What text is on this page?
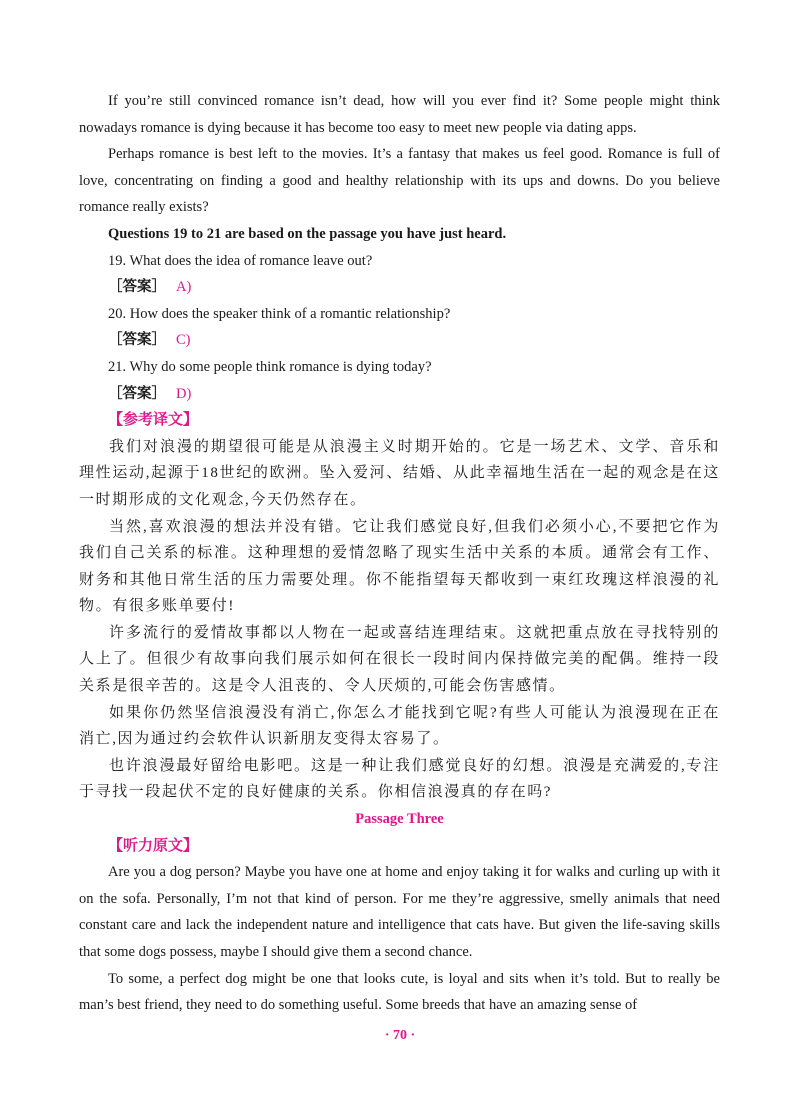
If you’re still convinced romance isn’t dead, how will you ever find it? Some people might think nowadays romance is dying because it has become too easy to meet new people via dating apps.

Perhaps romance is best left to the movies. It’s a fantasy that makes us feel good. Romance is full of love, concentrating on finding a good and healthy relationship with its ups and downs. Do you believe romance really exists?

Questions 19 to 21 are based on the passage you have just heard.

19. What does the idea of romance leave out?

［答案］ A)

20. How does the speaker think of a romantic relationship?

［答案］ C)

21. Why do some people think romance is dying today?

［答案］ D)

【参考译文】

我们对浪漫的期望很可能是从浪漫主义时期开始的。它是一场艺术、文学、音乐和理性运动,起源于18世纪的欧洲。坠入爱河、结婚、从此幸福地生活在一起的观念是在这一时期形成的文化观念,今天仍然存在。

当然,喜欢浪漫的想法并没有错。它让我们感觉良好,但我们必须小心,不要把它作为我们自己关系的标准。这种理想的爱情忽略了现实生活中关系的本质。通常会有工作、财务和其他日常生活的压力需要处理。你不能指望每天都收到一束红玫瑰这样浪漫的礼物。有很多账单要付!

许多流行的爱情故事都以人物在一起或喜结连理结束。这就把重点放在寻找特别的人上了。但很少有故事向我们展示如何在很长一段时间内保持做完美的配偶。维持一段关系是很辛苦的。这是令人沮丧的、令人厌烦的,可能会伤害感情。

如果你仍然坚信浪漫没有消亡,你怎么才能找到它呢?有些人可能认为浪漫现在正在消亡,因为通过约会软件认识新朋友变得太容易了。

也许浪漫最好留给电影吧。这是一种让我们感觉良好的幻想。浪漫是充满爱的,专注于寻找一段起伏不定的良好健康的关系。你相信浪漫真的存在吗?

Passage Three

【听力原文】

Are you a dog person? Maybe you have one at home and enjoy taking it for walks and curling up with it on the sofa. Personally, I’m not that kind of person. For me they’re aggressive, smelly animals that need constant care and lack the independent nature and intelligence that cats have. But given the life-saving skills that some dogs possess, maybe I should give them a second chance.

To some, a perfect dog might be one that looks cute, is loyal and sits when it’s told. But to really be man’s best friend, they need to do something useful. Some breeds that have an amazing sense of

· 70 ·
